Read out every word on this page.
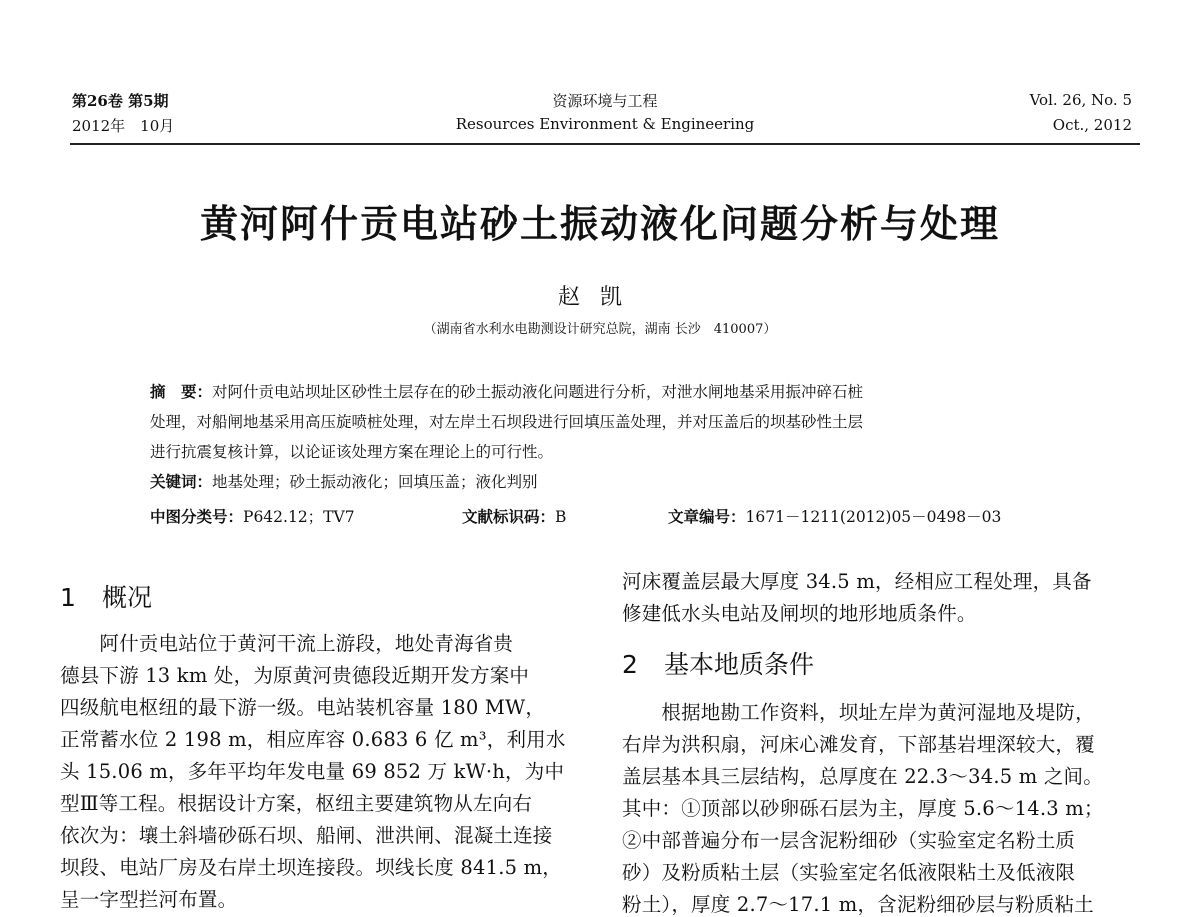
第26卷 第5期
2012年　10月
资源环境与工程
Resources Environment & Engineering
Vol. 26, No. 5
Oct., 2012
黄河阿什贡电站砂土振动液化问题分析与处理
赵凯
（湖南省水利水电勘测设计研究总院，湖南 长沙　410007）
摘　要：对阿什贡电站坝址区砂性土层存在的砂土振动液化问题进行分析，对泄水闸地基采用振冲碎石桩
处理，对船闸地基采用高压旋喷桩处理，对左岸土石坝段进行回填压盖处理，并对压盖后的坝基砂性土层
进行抗震复核计算，以论证该处理方案在理论上的可行性。
关键词：地基处理；砂土振动液化；回填压盖；液化判别
中图分类号：P642.12；TV7	文献标识码：B	文章编号：1671－1211(2012)05－0498－03
1 概况
　　阿什贡电站位于黄河干流上游段，地处青海省贵
德县下游 13 km 处，为原黄河贵德段近期开发方案中
四级航电枢纽的最下游一级。电站装机容量 180 MW，
正常蓄水位 2 198 m，相应库容 0.683 6 亿 m³，利用水
头 15.06 m，多年平均年发电量 69 852 万 kW·h，为中
型Ⅲ等工程。根据设计方案，枢纽主要建筑物从左向右
依次为：壤土斜墙砂砾石坝、船闸、泄洪闸、混凝土连接
坝段、电站厂房及右岸土坝连接段。坝线长度 841.5 m，
呈一字型拦河布置。
河床覆盖层最大厚度 34.5 m，经相应工程处理，具备
修建低水头电站及闸坝的地形地质条件。
2 基本地质条件
　　根据地勘工作资料，坝址左岸为黄河湿地及堤防，
右岸为洪积扇，河床心滩发育，下部基岩埋深较大，覆
盖层基本具三层结构，总厚度在 22.3～34.5 m 之间。
其中：①顶部以砂卵砾石层为主，厚度 5.6～14.3 m；
②中部普遍分布一层含泥粉细砂（实验室定名粉土质
砂）及粉质粘土层（实验室定名低液限粘土及低液限
粉土），厚度 2.7～17.1 m，含泥粉细砂层与粉质粘土
